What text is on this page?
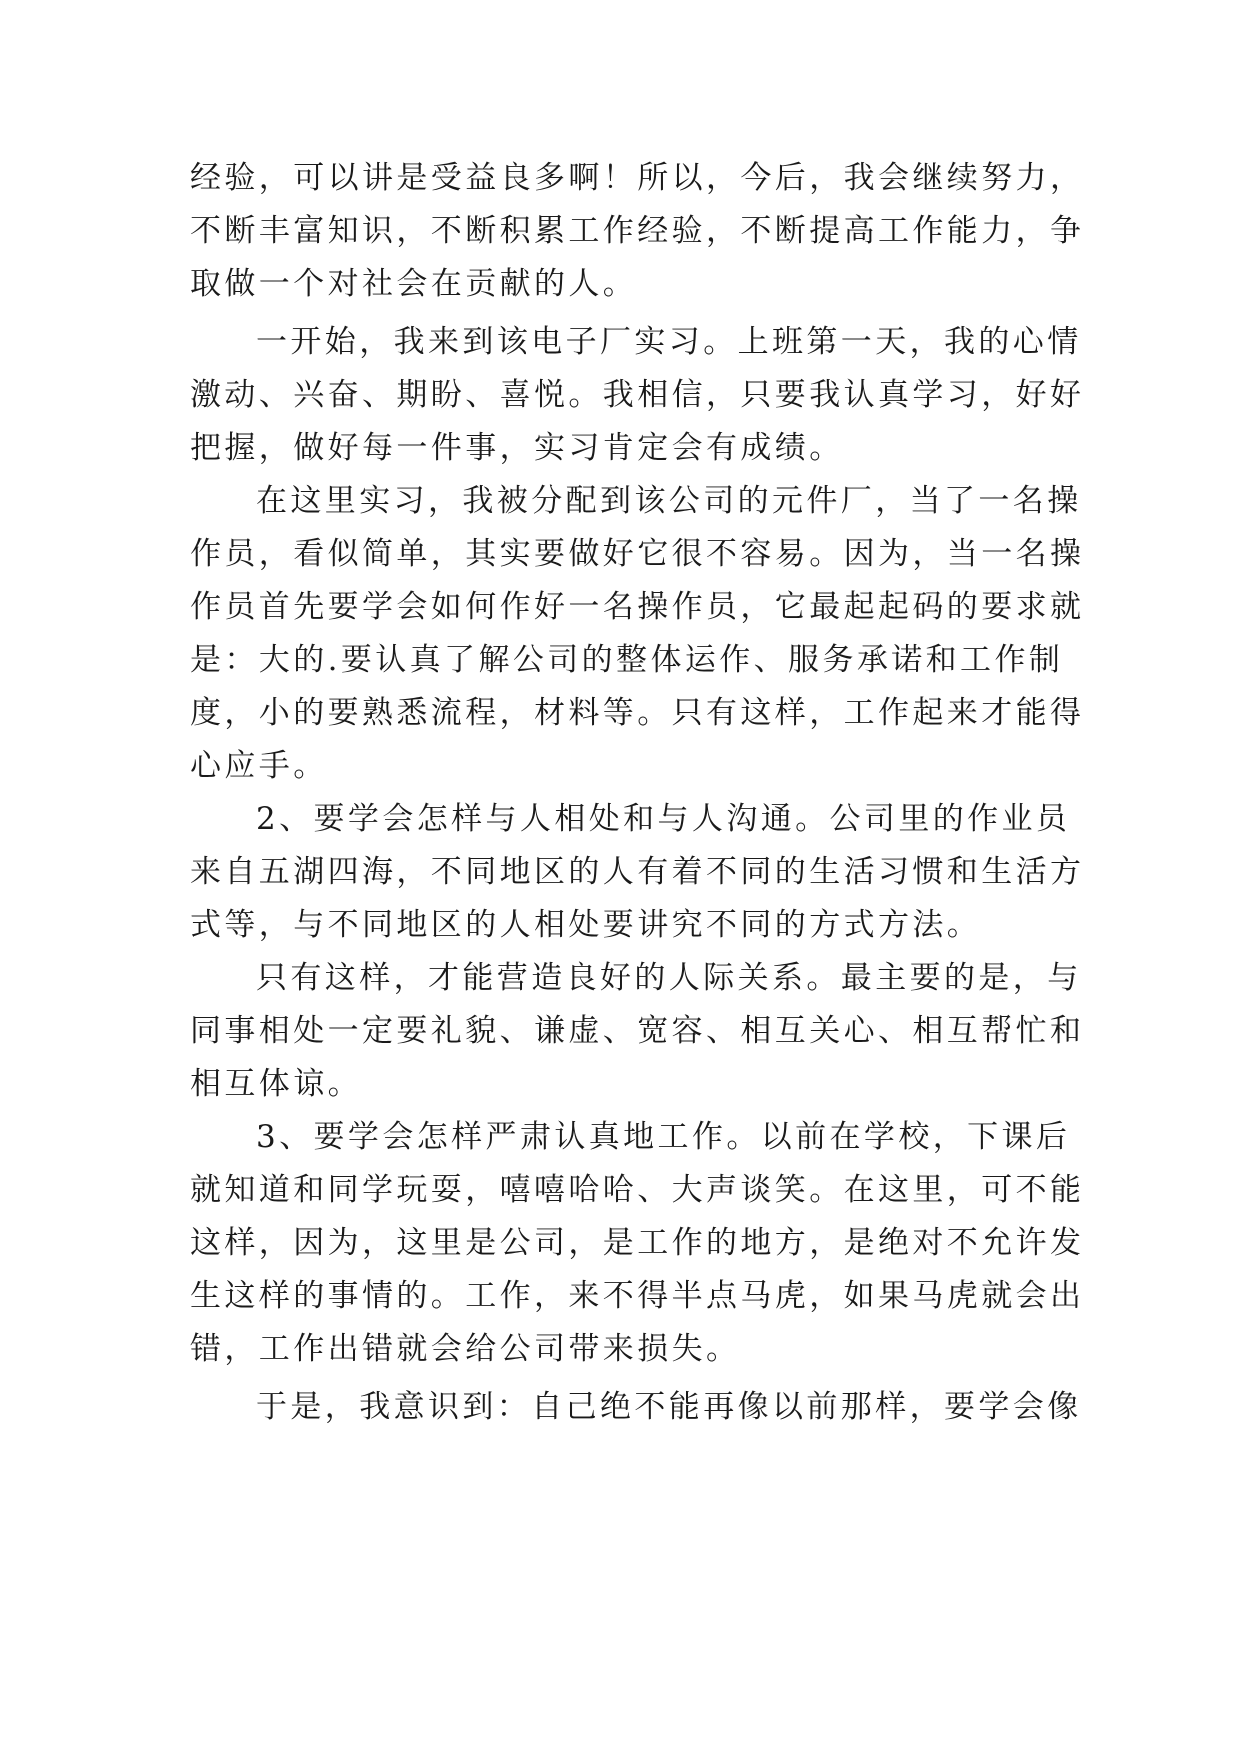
经验，可以讲是受益良多啊！所以，今后，我会继续努力，
不断丰富知识，不断积累工作经验，不断提高工作能力，争
取做一个对社会在贡献的人。
一开始，我来到该电子厂实习。上班第一天，我的心情
激动、兴奋、期盼、喜悦。我相信，只要我认真学习，好好
把握，做好每一件事，实习肯定会有成绩。
在这里实习，我被分配到该公司的元件厂，当了一名操
作员，看似简单，其实要做好它很不容易。因为，当一名操
作员首先要学会如何作好一名操作员，它最起起码的要求就
是：大的.要认真了解公司的整体运作、服务承诺和工作制
度，小的要熟悉流程，材料等。只有这样，工作起来才能得
心应手。
2、要学会怎样与人相处和与人沟通。公司里的作业员
来自五湖四海，不同地区的人有着不同的生活习惯和生活方
式等，与不同地区的人相处要讲究不同的方式方法。
只有这样，才能营造良好的人际关系。最主要的是，与
同事相处一定要礼貌、谦虚、宽容、相互关心、相互帮忙和
相互体谅。
3、要学会怎样严肃认真地工作。以前在学校，下课后
就知道和同学玩耍，嘻嘻哈哈、大声谈笑。在这里，可不能
这样，因为，这里是公司，是工作的地方，是绝对不允许发
生这样的事情的。工作，来不得半点马虎，如果马虎就会出
错，工作出错就会给公司带来损失。
于是，我意识到：自己绝不能再像以前那样，要学会像
